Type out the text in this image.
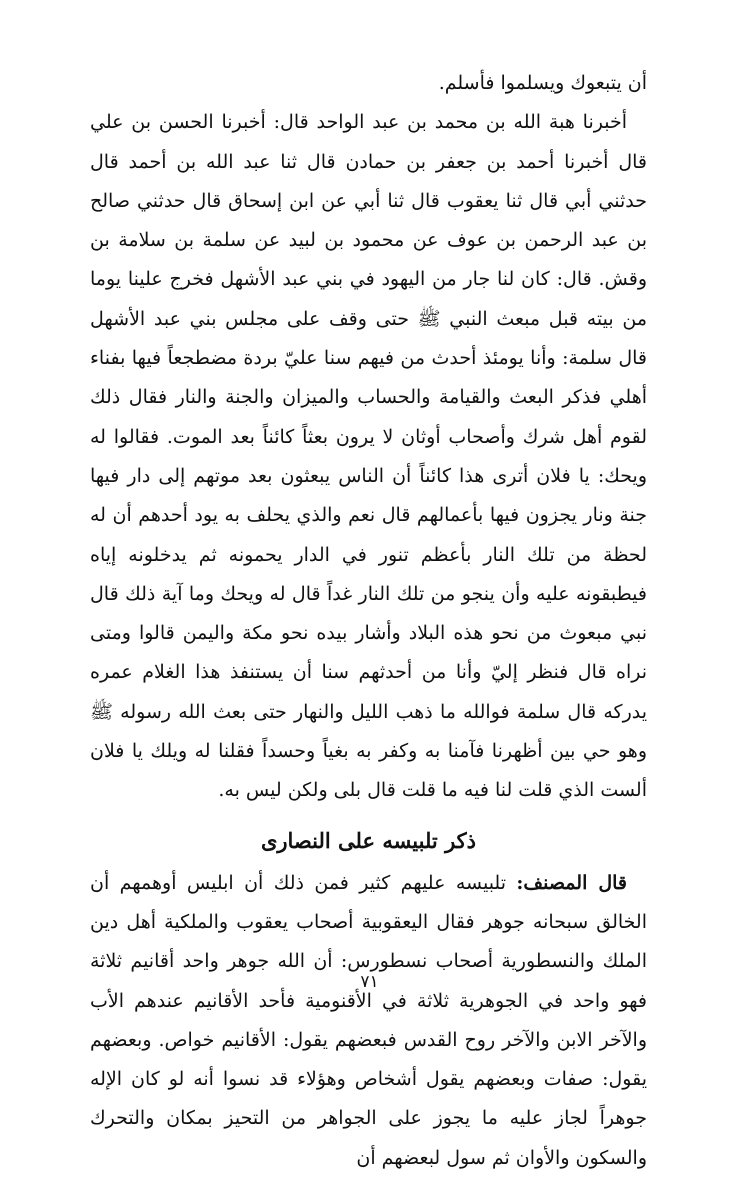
أن يتبعوك ويسلموا فأسلم.

أخبرنا هبة الله بن محمد بن عبد الواحد قال: أخبرنا الحسن بن علي قال أخبرنا أحمد بن جعفر بن حمادن قال ثنا عبد الله بن أحمد قال حدثني أبي قال ثنا يعقوب قال ثنا أبي عن ابن إسحاق قال حدثني صالح بن عبد الرحمن بن عوف عن محمود بن لبيد عن سلمة بن سلامة بن وقش. قال: كان لنا جار من اليهود في بني عبد الأشهل فخرج علينا يوما من بيته قبل مبعث النبي ﷺ حتى وقف على مجلس بني عبد الأشهل قال سلمة: وأنا يومئذ أحدث من فيهم سنا عليّ بردة مضطجعاً فيها بفناء أهلي فذكر البعث والقيامة والحساب والميزان والجنة والنار فقال ذلك لقوم أهل شرك وأصحاب أوثان لا يرون بعثاً كائناً بعد الموت. فقالوا له ويحك: يا فلان أترى هذا كائناً أن الناس يبعثون بعد موتهم إلى دار فيها جنة ونار يجزون فيها بأعمالهم قال نعم والذي يحلف به يود أحدهم أن له لحظة من تلك النار بأعظم تنور في الدار يحمونه ثم يدخلونه إياه فيطبقونه عليه وأن ينجو من تلك النار غداً قال له ويحك وما آية ذلك قال نبي مبعوث من نحو هذه البلاد وأشار بيده نحو مكة واليمن قالوا ومتى نراه قال فنظر إليّ وأنا من أحدثهم سنا أن يستنفذ هذا الغلام عمره يدركه قال سلمة فوالله ما ذهب الليل والنهار حتى بعث الله رسوله ﷺ وهو حي بين أظهرنا فآمنا به وكفر به بغياً وحسداً فقلنا له ويلك يا فلان ألست الذي قلت لنا فيه ما قلت قال بلى ولكن ليس به.

ذكر تلبيسه على النصارى

قال المصنف: تلبيسه عليهم كثير فمن ذلك أن ابليس أوهمهم أن الخالق سبحانه جوهر فقال اليعقوبية أصحاب يعقوب والملكية أهل دين الملك والنسطورية أصحاب نسطورس: أن الله جوهر واحد أقانيم ثلاثة فهو واحد في الجوهرية ثلاثة في الأقنومية فأحد الأقانيم عندهم الأب والآخر الابن والآخر روح القدس فبعضهم يقول: الأقانيم خواص. وبعضهم يقول: صفات وبعضهم يقول أشخاص وهؤلاء قد نسوا أنه لو كان الإله جوهراً لجاز عليه ما يجوز على الجواهر من التحيز بمكان والتحرك والسكون والأوان ثم سول لبعضهم أن

٧١
